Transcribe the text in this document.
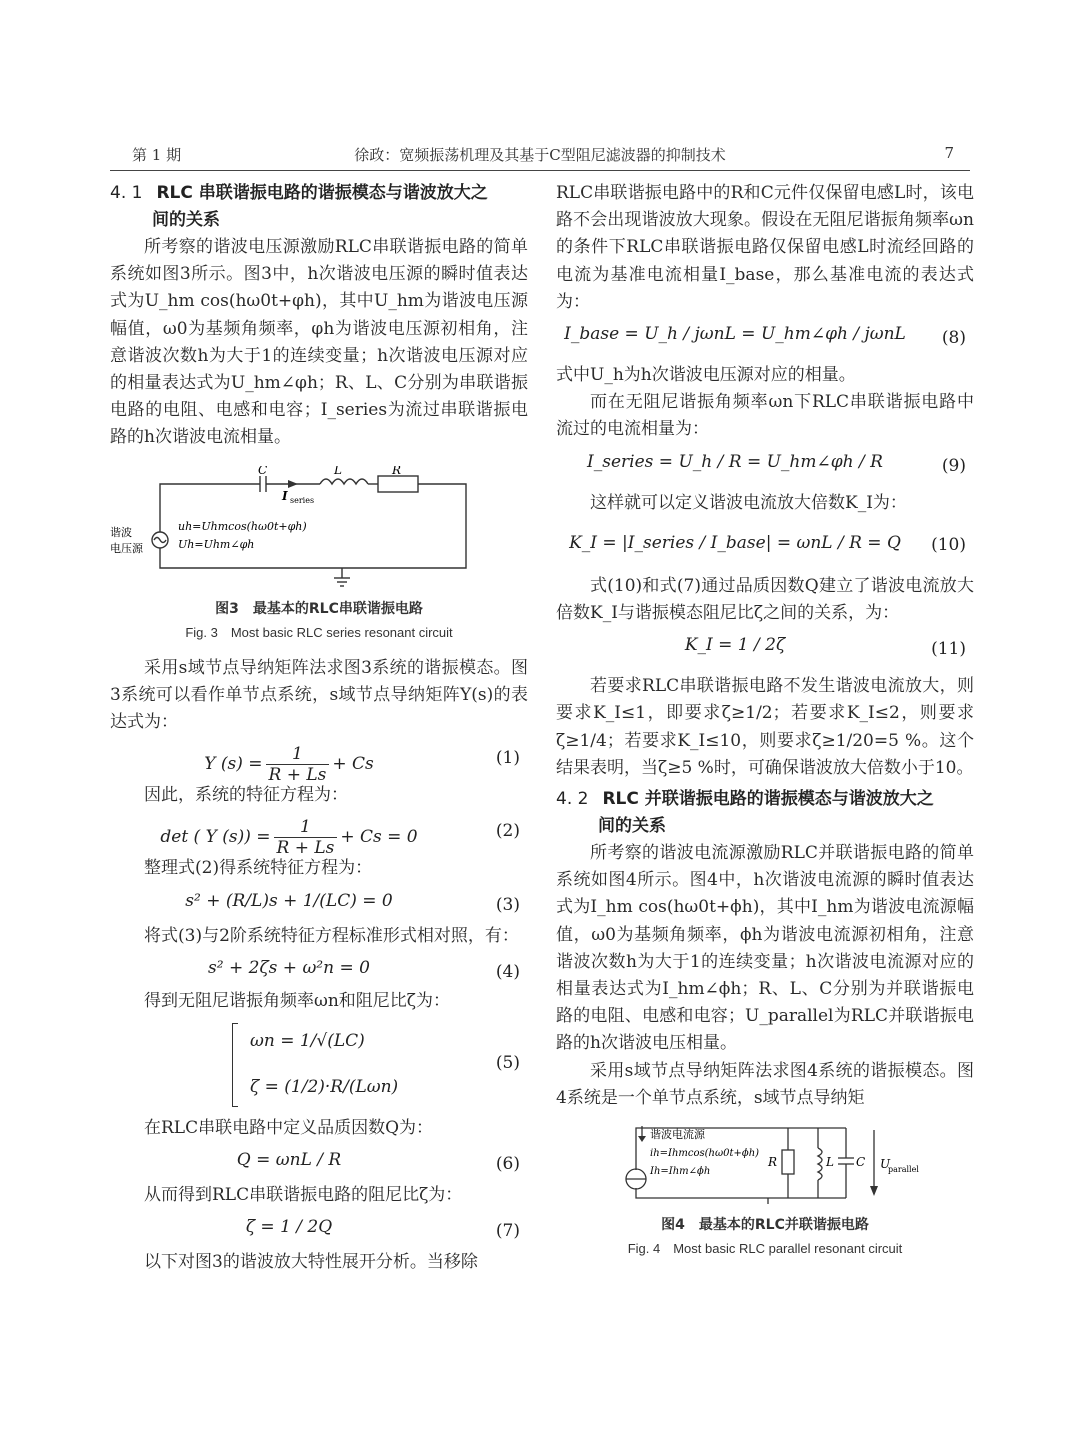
第 1 期	徐政：宽频振荡机理及其基于C型阻尼滤波器的抑制技术	7
4. 1 RLC 串联谐振电路的谐振模态与谐波放大之
间的关系

所考察的谐波电压源激励RLC串联谐振电路的简单系统如图3所示。图3中，h次谐波电压源的瞬时值表达式为U_hm cos(hω0t+φh)，其中U_hm为谐波电压源幅值，ω0为基频角频率，φh为谐波电压源初相角，注意谐波次数h为大于1的连续变量；h次谐波电压源对应的相量表达式为U_hm∠φh；R、L、C分别为串联谐振电路的电阻、电感和电容；I_series为流过串联谐振电路的h次谐波电流相量。

C	L	R
I series
谐波
电压源
uh=Uhmcos(hω0t+φh)
Uh=Uhm∠φh
图3　最基本的RLC串联谐振电路
Fig. 3　Most basic RLC series resonant circuit

采用s域节点导纳矩阵法求图3系统的谐振模态。图3系统可以看作单节点系统，s域节点导纳矩阵Y(s)的表达式为：

Y $(s) = \frac{1}{R + Ls} + Cs$	(1)

因此，系统的特征方程为：

det ( Y $(s)) = \frac{1}{R + Ls} + Cs = 0$	(2)

整理式(2)得系统特征方程为：

s² + (R/L)s + 1/(LC) = 0	(3)

将式(3)与2阶系统特征方程标准形式相对照，有：

s² + 2ζs + ω²n = 0	(4)

得到无阻尼谐振角频率ωn和阻尼比ζ为：

ωn = 1/√(LC)
ζ = (1/2)·R/(Lωn)
(5)

在RLC串联电路中定义品质因数Q为：

Q = ωnL / R	(6)

从而得到RLC串联谐振电路的阻尼比ζ为：

ζ = 1 / 2Q	(7)

以下对图3的谐波放大特性展开分析。当移除

RLC串联谐振电路中的R和C元件仅保留电感L时，该电路不会出现谐波放大现象。假设在无阻尼谐振角频率ωn的条件下RLC串联谐振电路仅保留电感L时流经回路的电流为基准电流相量I_base，那么基准电流的表达式为：

I_base = U_h / jωnL = U_hm∠φh / jωnL	(8)

式中U_h为h次谐波电压源对应的相量。

而在无阻尼谐振角频率ωn下RLC串联谐振电路中流过的电流相量为：

I_series = U_h / R = U_hm∠φh / R	(9)

这样就可以定义谐波电流放大倍数K_I为：

K_I = |I_series / I_base| = ωnL / R = Q	(10)

式(10)和式(7)通过品质因数Q建立了谐波电流放大倍数K_I与谐振模态阻尼比ζ之间的关系，为：

K_I = 1 / 2ζ	(11)

若要求RLC串联谐振电路不发生谐波电流放大，则要求K_I≤1，即要求ζ≥1/2；若要求K_I≤2，则要求ζ≥1/4；若要求K_I≤10，则要求ζ≥1/20=5 %。这个结果表明，当ζ≥5 %时，可确保谐波放大倍数小于10。

4. 2 RLC 并联谐振电路的谐振模态与谐波放大之
间的关系

所考察的谐波电流源激励RLC并联谐振电路的简单系统如图4所示。图4中，h次谐波电流源的瞬时值表达式为I_hm cos(hω0t+ϕh)，其中I_hm为谐波电流源幅值，ω0为基频角频率，ϕh为谐波电流源初相角，注意谐波次数h为大于1的连续变量；h次谐波电流源对应的相量表达式为I_hm∠ϕh；R、L、C分别为并联谐振电路的电阻、电感和电容；U_parallel为RLC并联谐振电路的h次谐波电压相量。

采用s域节点导纳矩阵法求图4系统的谐振模态。图4系统是一个单节点系统，s域节点导纳矩

谐波电流源
ih=Ihmcos(hω0t+ϕh)
Ih=Ihm∠ϕh
R	L C U
parallel
图4　最基本的RLC并联谐振电路
Fig. 4　Most basic RLC parallel resonant circuit
